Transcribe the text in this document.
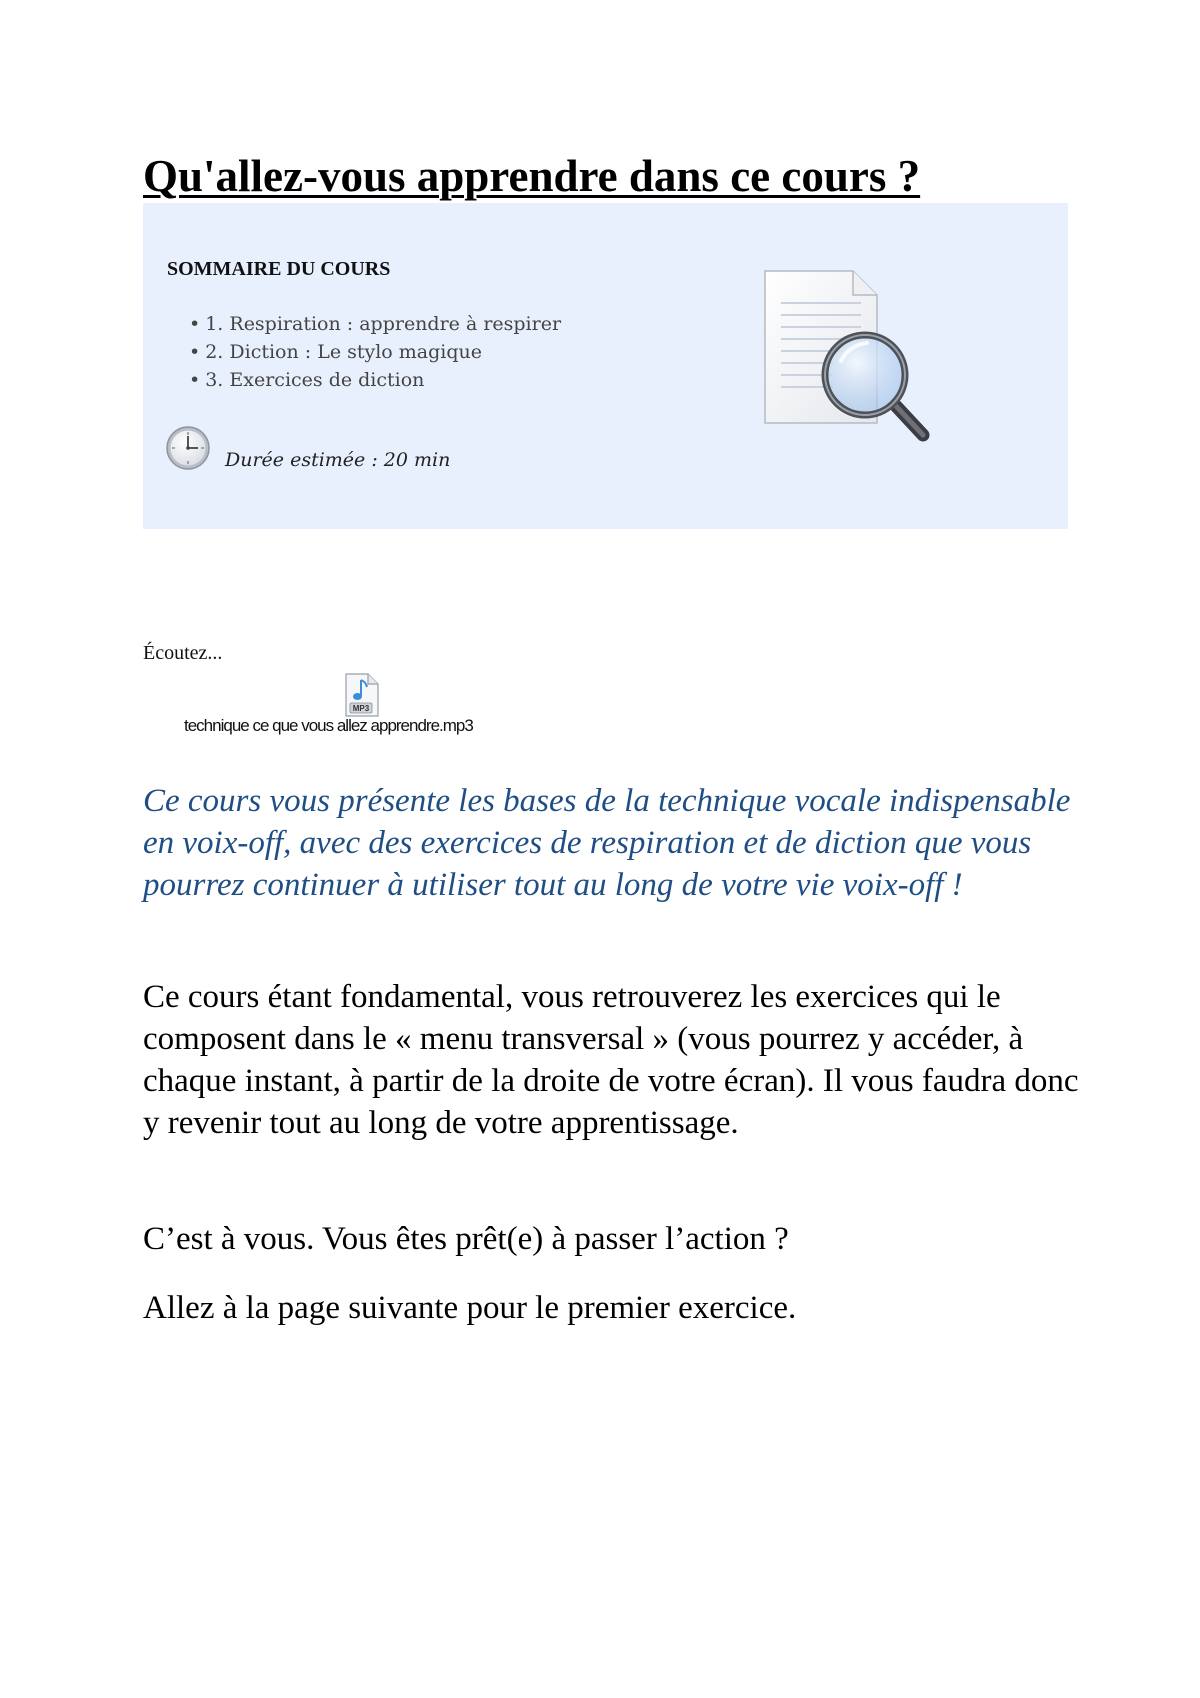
Qu'allez-vous apprendre dans ce cours ?
SOMMAIRE DU COURS
• 1. Respiration : apprendre à respirer
• 2. Diction : Le stylo magique
• 3. Exercices de diction
Durée estimée : 20 min
Écoutez...
MP3
technique ce que vous allez apprendre.mp3

Ce cours vous présente les bases de la technique vocale indispensable en voix-off, avec des exercices de respiration et de diction que vous pourrez continuer à utiliser tout au long de votre vie voix-off !

Ce cours étant fondamental, vous retrouverez les exercices qui le composent dans le « menu transversal » (vous pourrez y accéder, à chaque instant, à partir de la droite de votre écran). Il vous faudra donc y revenir tout au long de votre apprentissage.

C’est à vous. Vous êtes prêt(e) à passer l’action ?

Allez à la page suivante pour le premier exercice.
